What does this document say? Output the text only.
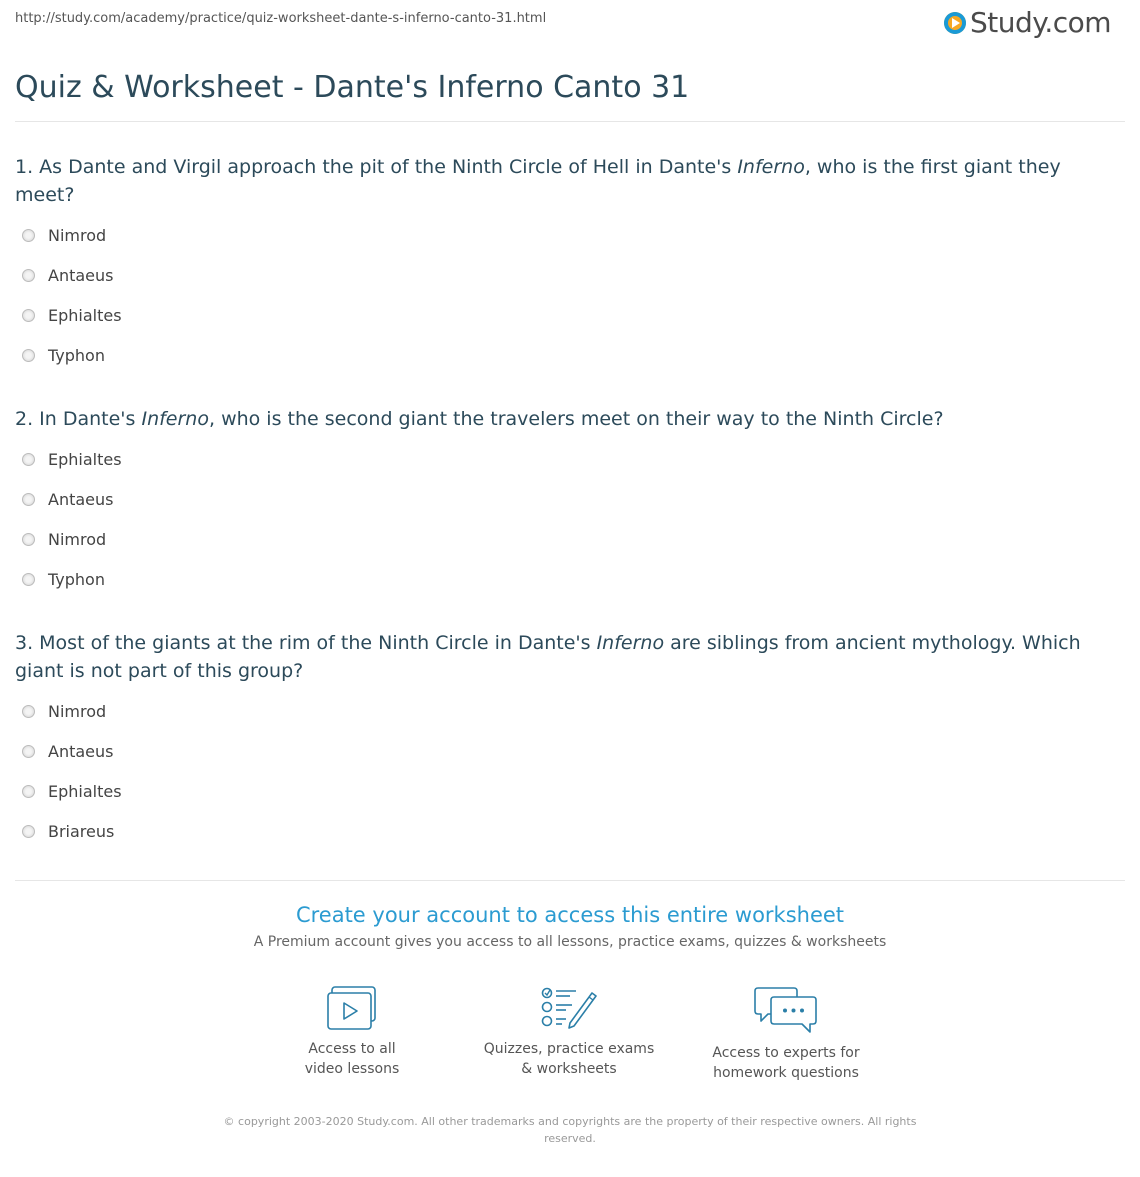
http://study.com/academy/practice/quiz-worksheet-dante-s-inferno-canto-31.html	Study.com
Quiz & Worksheet - Dante's Inferno Canto 31
1. As Dante and Virgil approach the pit of the Ninth Circle of Hell in Dante's Inferno, who is the first giant they meet?
Nimrod
Antaeus
Ephialtes
Typhon
2. In Dante's Inferno, who is the second giant the travelers meet on their way to the Ninth Circle?
Ephialtes
Antaeus
Nimrod
Typhon
3. Most of the giants at the rim of the Ninth Circle in Dante's Inferno are siblings from ancient mythology. Which giant is not part of this group?
Nimrod
Antaeus
Ephialtes
Briareus
Create your account to access this entire worksheet
A Premium account gives you access to all lessons, practice exams, quizzes & worksheets
Access to all
video lessons
Quizzes, practice exams
& worksheets
Access to experts for
homework questions
© copyright 2003-2020 Study.com. All other trademarks and copyrights are the property of their respective owners. All rights reserved.
